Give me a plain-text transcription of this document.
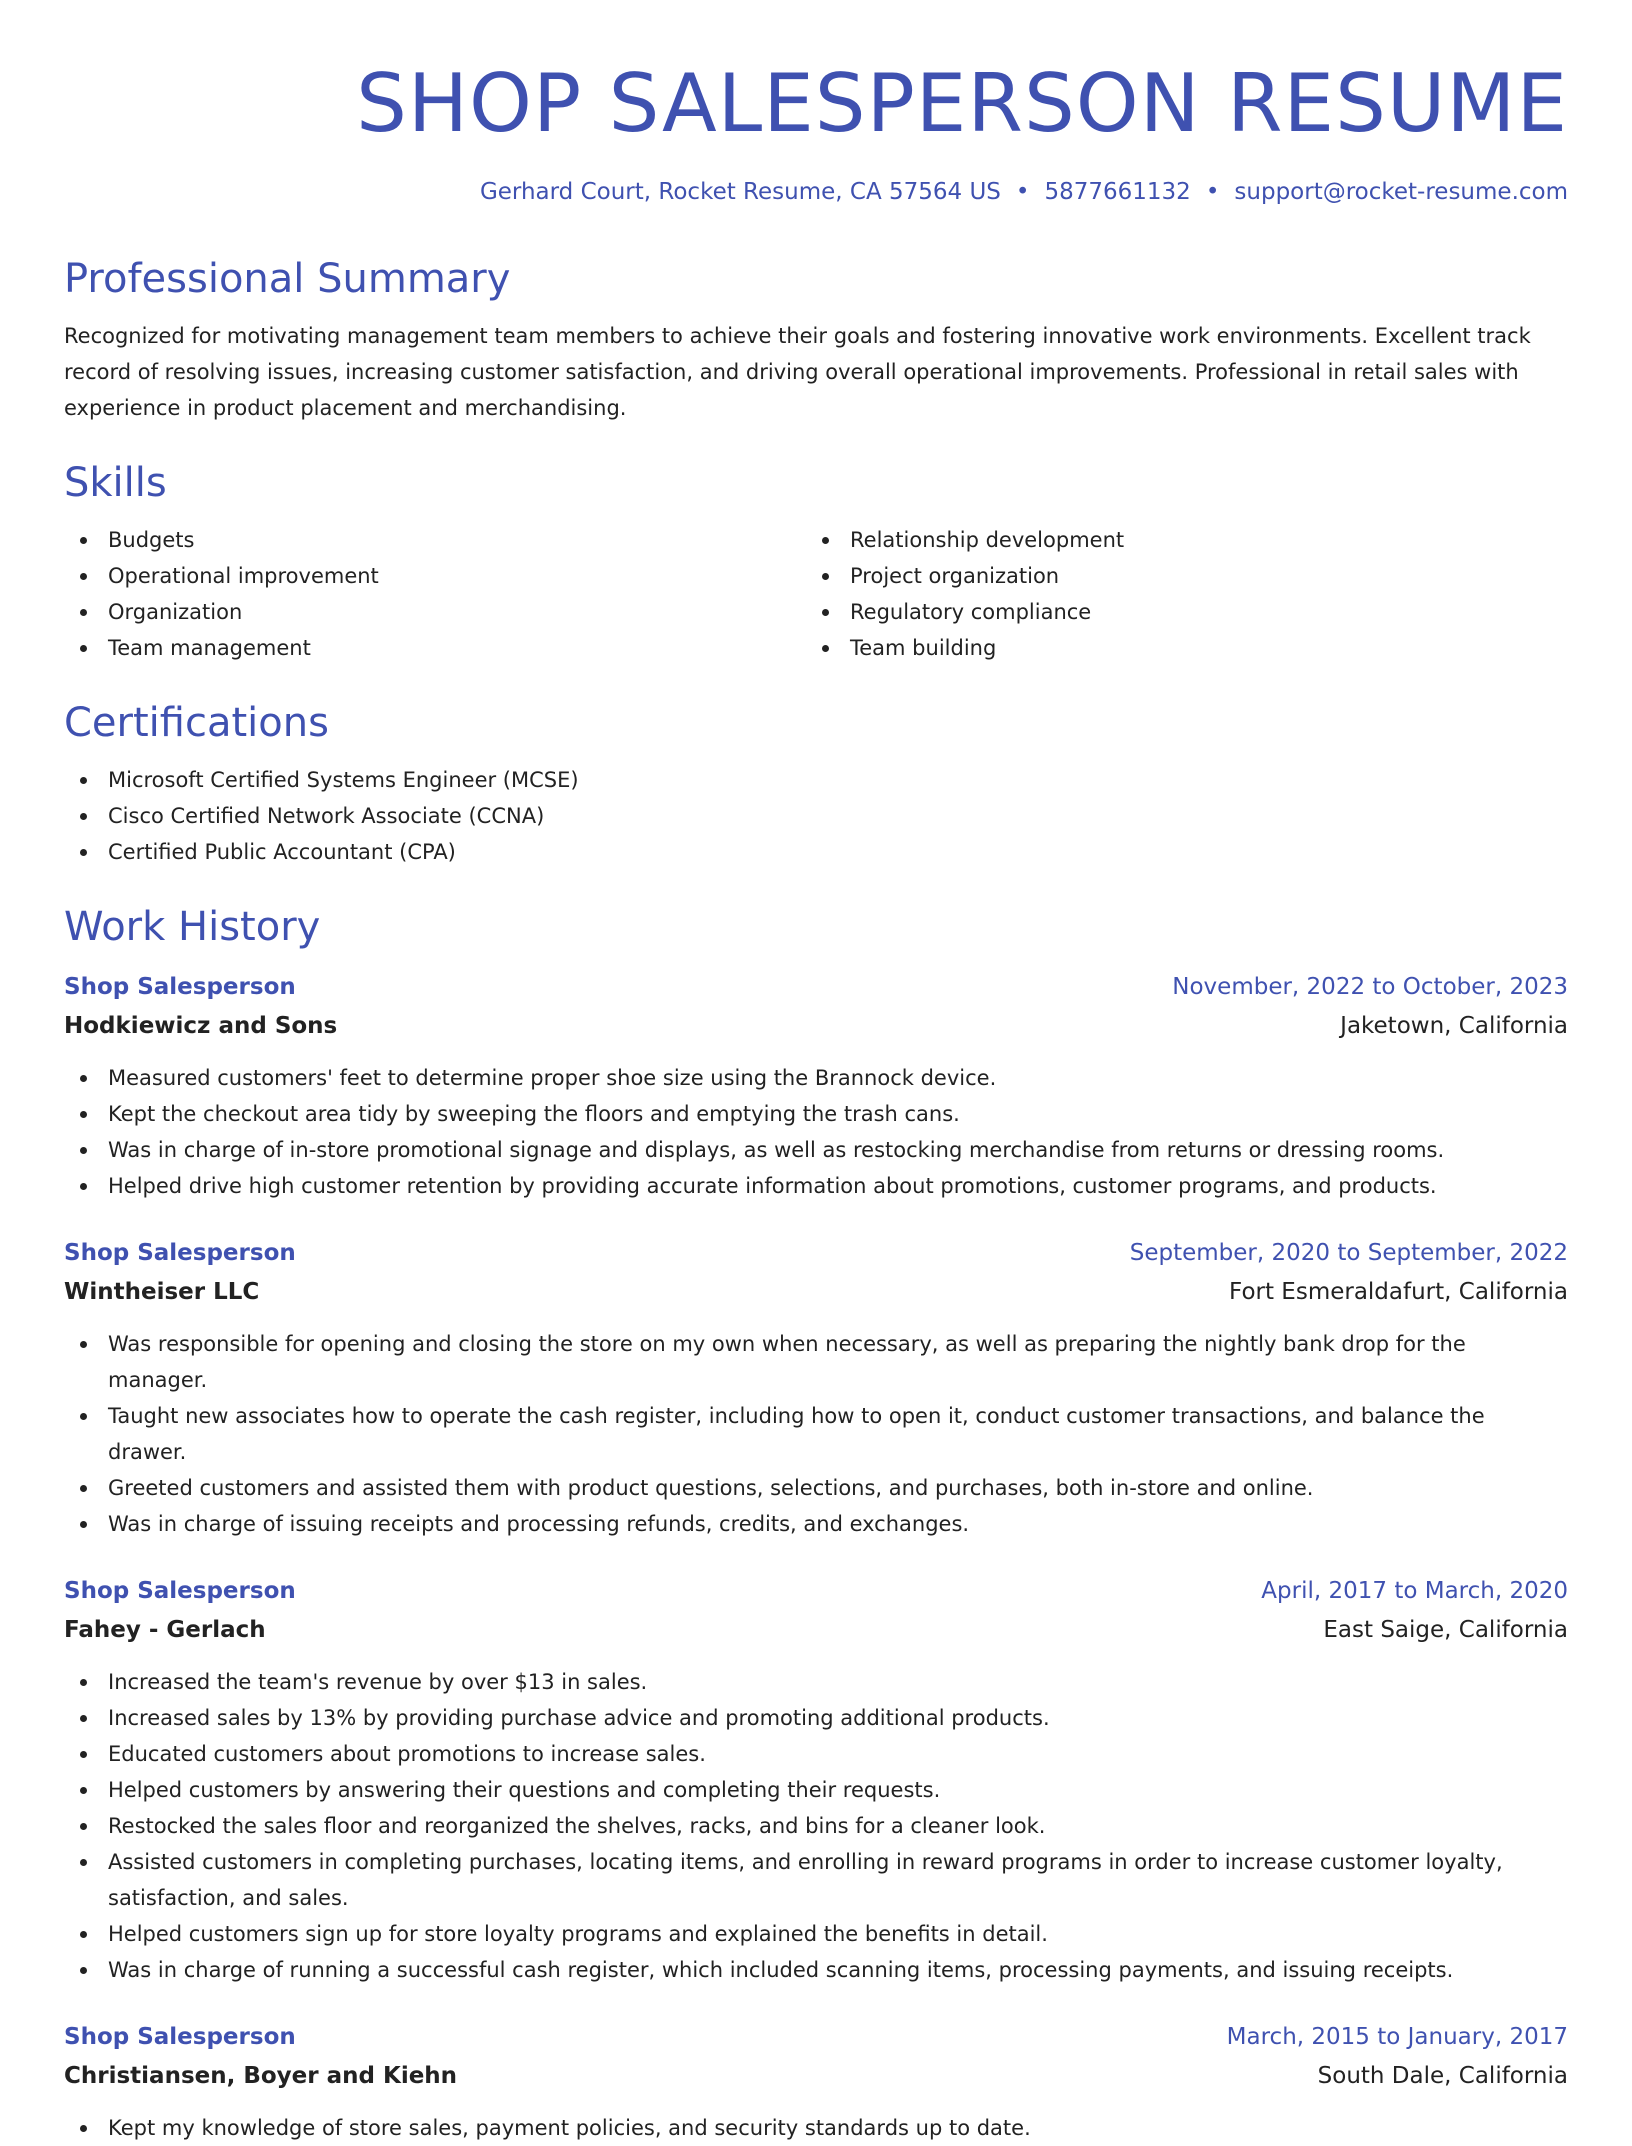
SHOP SALESPERSON RESUME
Gerhard Court, Rocket Resume, CA 57564 US • 5877661132 • support@rocket-resume.com
Professional Summary

Recognized for motivating management team members to achieve their goals and fostering innovative work environments. Excellent track record of resolving issues, increasing customer satisfaction, and driving overall operational improvements. Professional in retail sales with experience in product placement and merchandising.

Skills
Budgets
Operational improvement
Organization
Team management
Relationship development
Project organization
Regulatory compliance
Team building
Certifications
Microsoft Certified Systems Engineer (MCSE)
Cisco Certified Network Associate (CCNA)
Certified Public Accountant (CPA)
Work History
Shop Salesperson	November, 2022 to October, 2023
Hodkiewicz and Sons	Jaketown, California
Measured customers' feet to determine proper shoe size using the Brannock device.
Kept the checkout area tidy by sweeping the floors and emptying the trash cans.
Was in charge of in-store promotional signage and displays, as well as restocking merchandise from returns or dressing rooms.
Helped drive high customer retention by providing accurate information about promotions, customer programs, and products.
Shop Salesperson	September, 2020 to September, 2022
Wintheiser LLC	Fort Esmeraldafurt, California
Was responsible for opening and closing the store on my own when necessary, as well as preparing the nightly bank drop for the manager.
Taught new associates how to operate the cash register, including how to open it, conduct customer transactions, and balance the drawer.
Greeted customers and assisted them with product questions, selections, and purchases, both in-store and online.
Was in charge of issuing receipts and processing refunds, credits, and exchanges.
Shop Salesperson	April, 2017 to March, 2020
Fahey - Gerlach	East Saige, California
Increased the team's revenue by over $13 in sales.
Increased sales by 13% by providing purchase advice and promoting additional products.
Educated customers about promotions to increase sales.
Helped customers by answering their questions and completing their requests.
Restocked the sales floor and reorganized the shelves, racks, and bins for a cleaner look.
Assisted customers in completing purchases, locating items, and enrolling in reward programs in order to increase customer loyalty, satisfaction, and sales.
Helped customers sign up for store loyalty programs and explained the benefits in detail.
Was in charge of running a successful cash register, which included scanning items, processing payments, and issuing receipts.
Shop Salesperson	March, 2015 to January, 2017
Christiansen, Boyer and Kiehn	South Dale, California
Kept my knowledge of store sales, payment policies, and security standards up to date.
